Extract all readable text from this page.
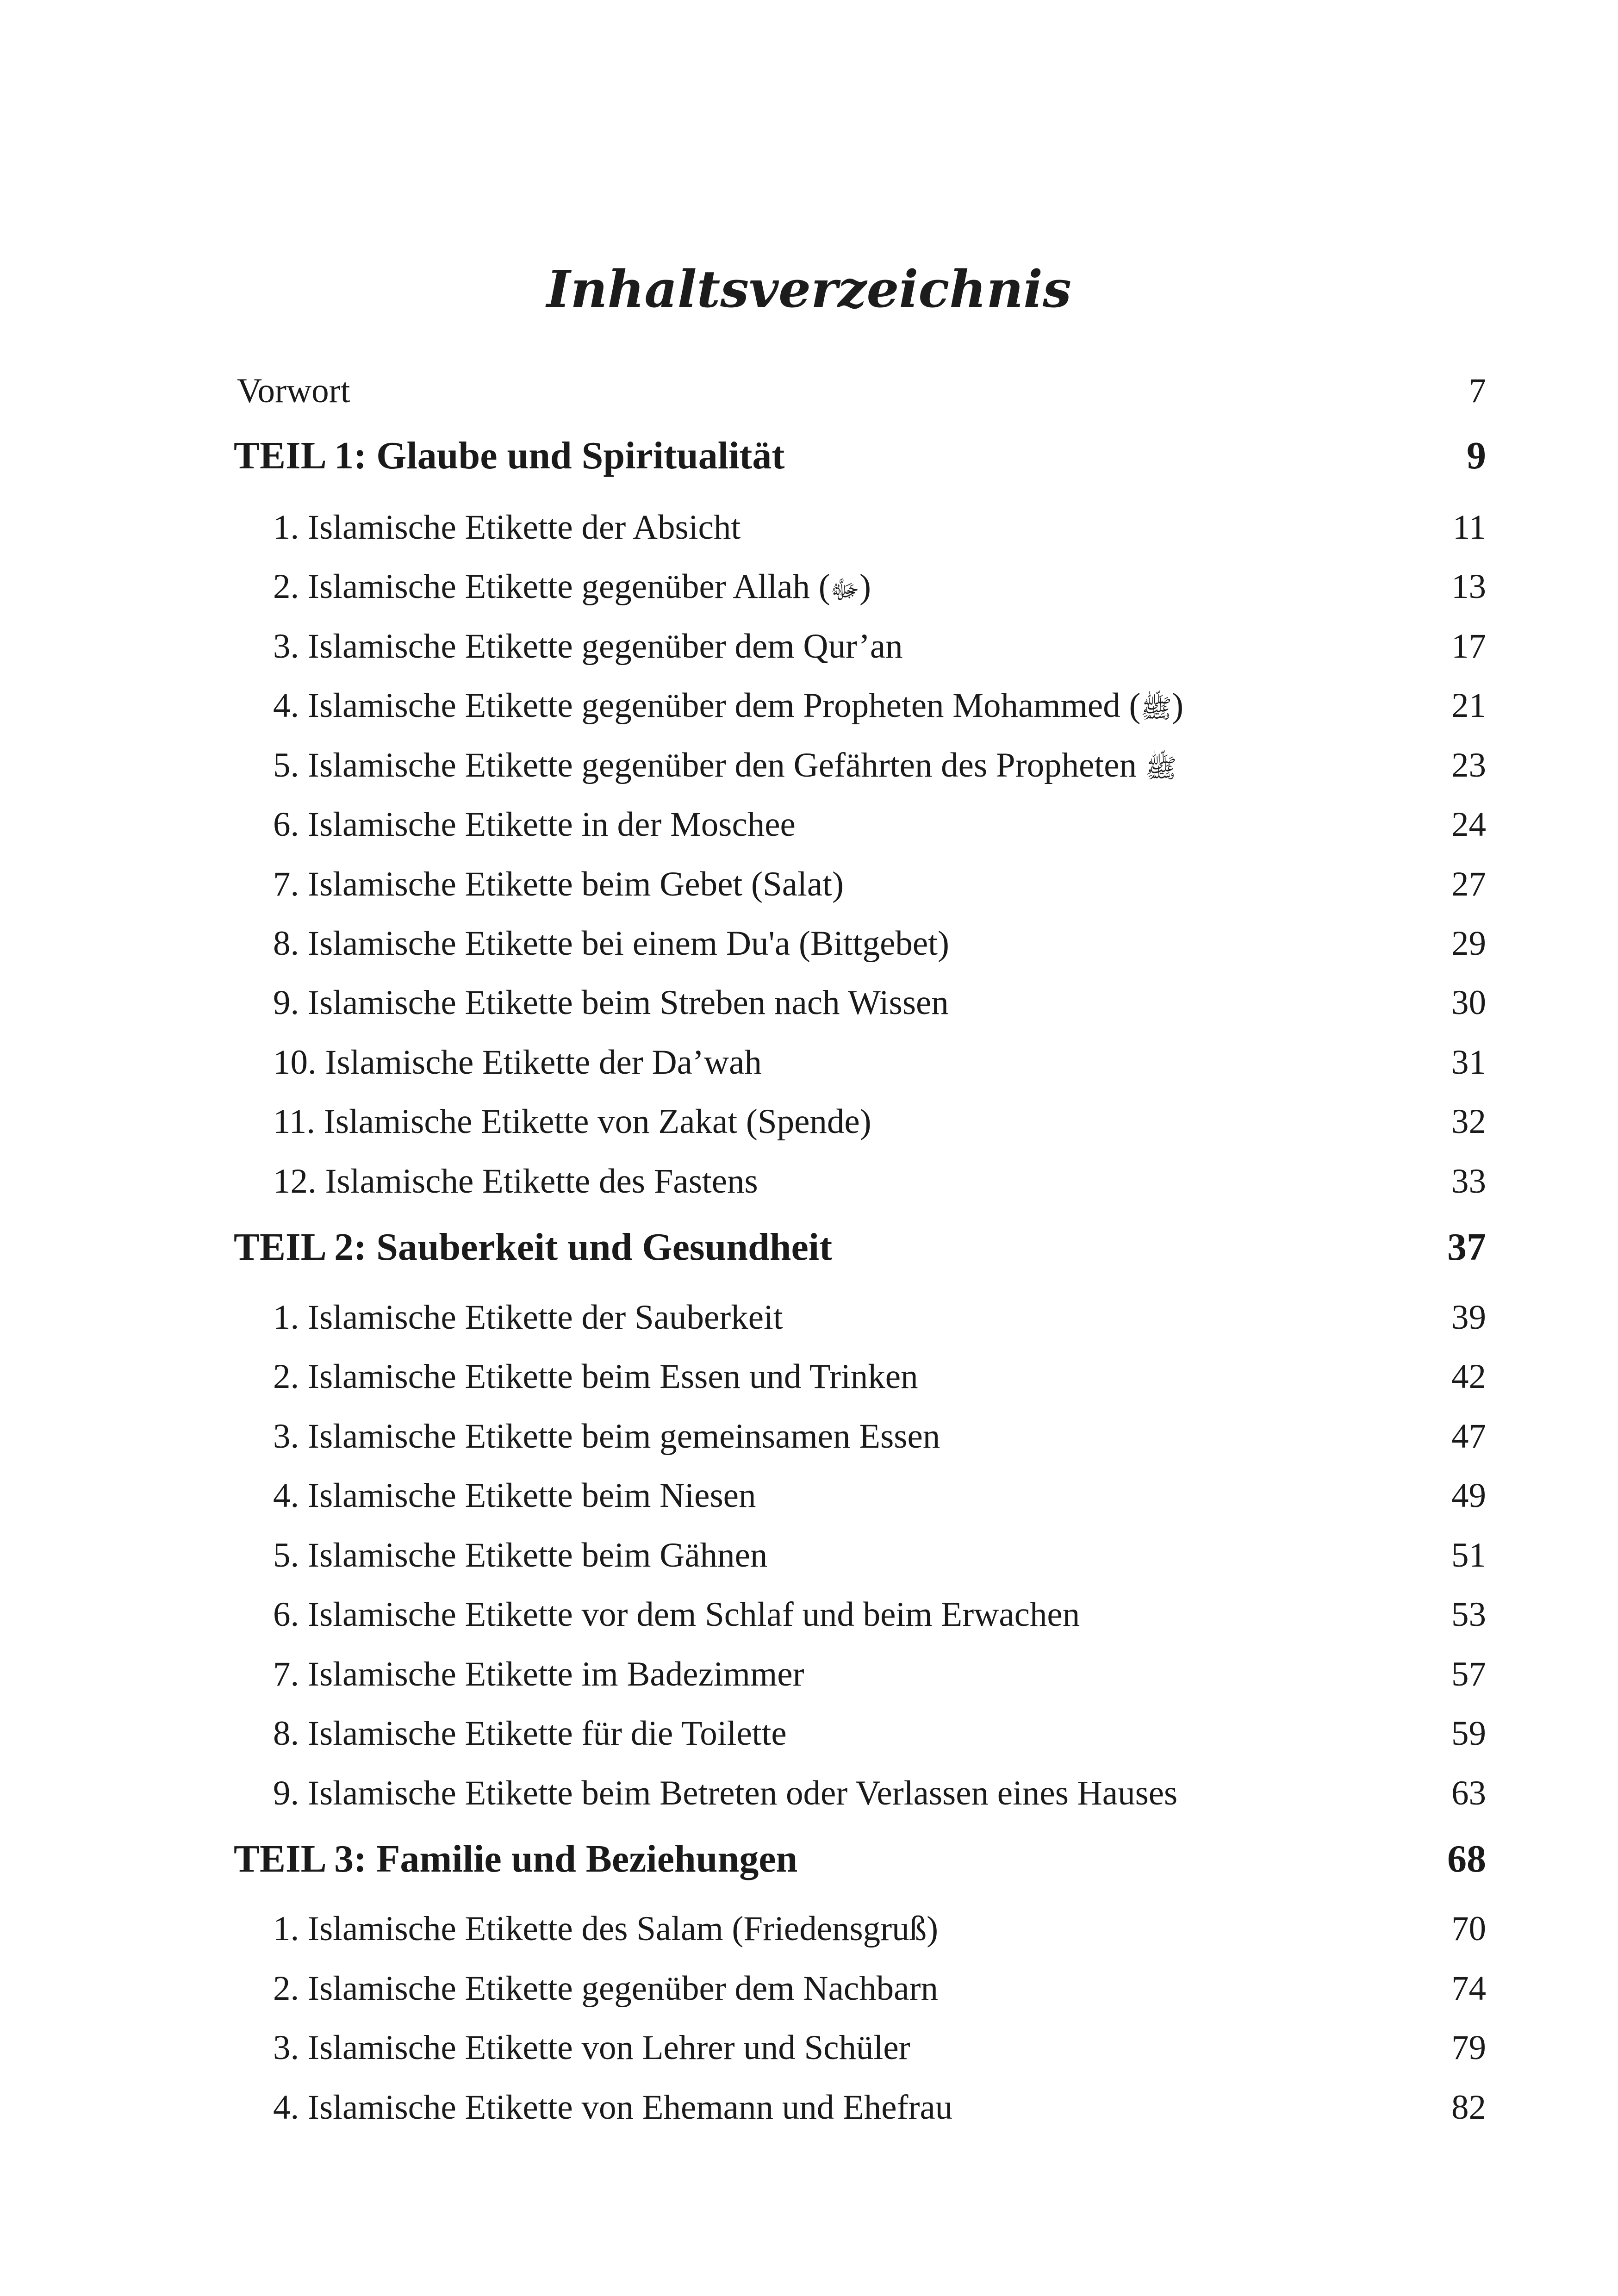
Inhaltsverzeichnis
Vorwort	7
TEIL 1: Glaube und Spiritualität	9
1. Islamische Etikette der Absicht	11
2. Islamische Etikette gegenüber Allah (ﷻ)	13
3. Islamische Etikette gegenüber dem Qur’an	17
4. Islamische Etikette gegenüber dem Propheten Mohammed (ﷺ)	21
5. Islamische Etikette gegenüber den Gefährten des Propheten ﷺ	23
6. Islamische Etikette in der Moschee	24
7. Islamische Etikette beim Gebet (Salat)	27
8. Islamische Etikette bei einem Du'a (Bittgebet)	29
9. Islamische Etikette beim Streben nach Wissen	30
10. Islamische Etikette der Da’wah	31
11. Islamische Etikette von Zakat (Spende)	32
12. Islamische Etikette des Fastens	33
TEIL 2: Sauberkeit und Gesundheit	37
1. Islamische Etikette der Sauberkeit	39
2. Islamische Etikette beim Essen und Trinken	42
3. Islamische Etikette beim gemeinsamen Essen	47
4. Islamische Etikette beim Niesen	49
5. Islamische Etikette beim Gähnen	51
6. Islamische Etikette vor dem Schlaf und beim Erwachen	53
7. Islamische Etikette im Badezimmer	57
8. Islamische Etikette für die Toilette	59
9. Islamische Etikette beim Betreten oder Verlassen eines Hauses	63
TEIL 3: Familie und Beziehungen	68
1. Islamische Etikette des Salam (Friedensgruß)	70
2. Islamische Etikette gegenüber dem Nachbarn	74
3. Islamische Etikette von Lehrer und Schüler	79
4. Islamische Etikette von Ehemann und Ehefrau	82
